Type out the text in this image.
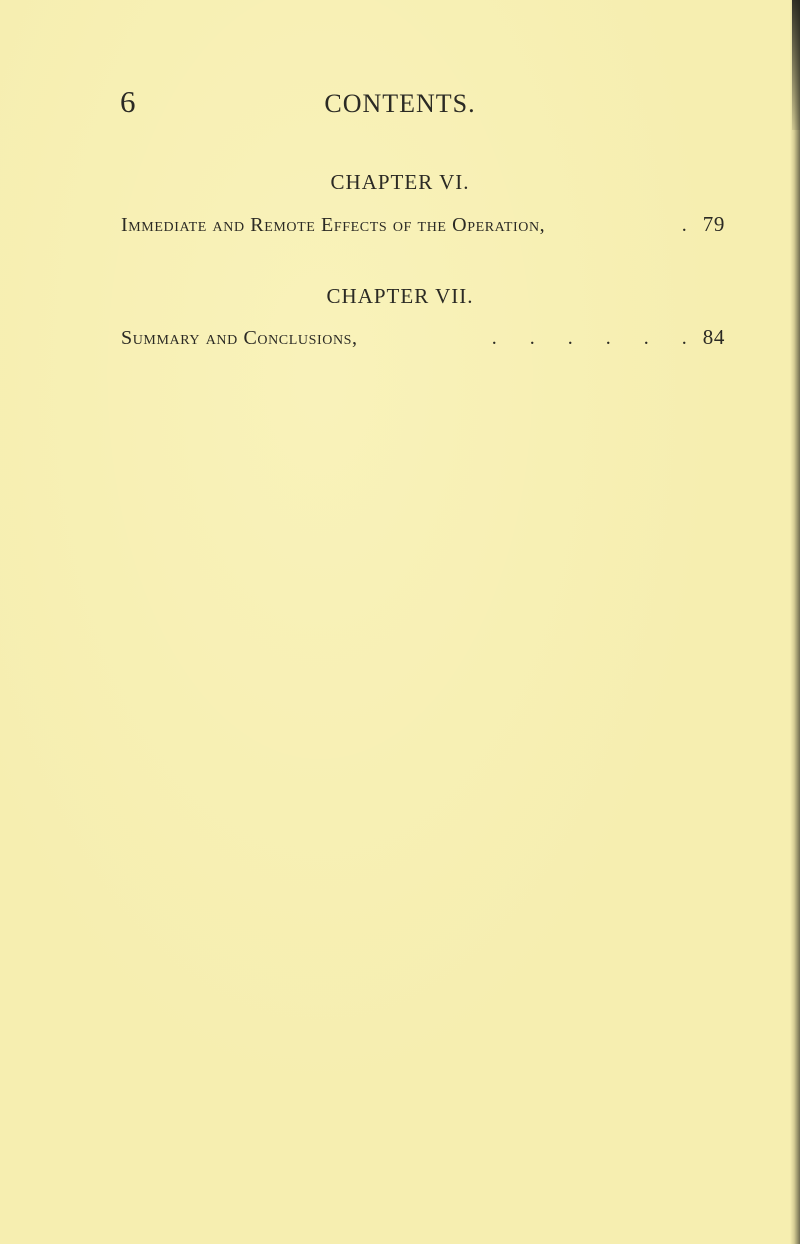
6	CONTENTS.
CHAPTER VI.
Immediate and Remote Effects of the Operation,	. 79
CHAPTER VII.
Summary and Conclusions,	. . . . . . 84
